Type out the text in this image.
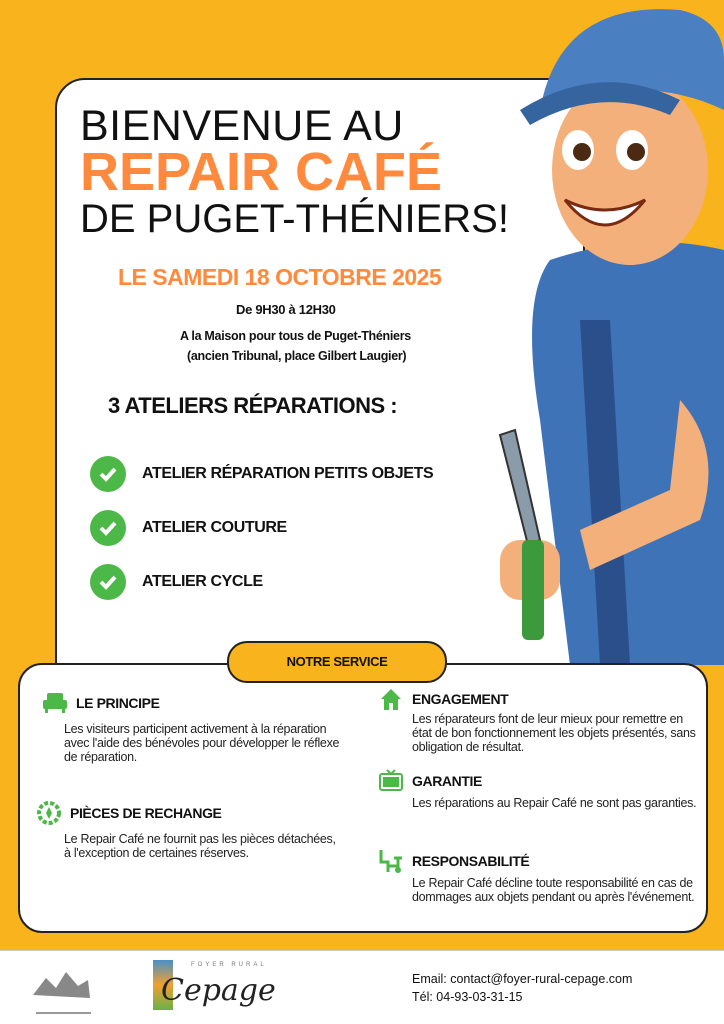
BIENVENUE AU
REPAIR CAFÉ
DE PUGET-THÉNIERS!
LE SAMEDI 18 OCTOBRE 2025
De 9H30 à 12H30
A la Maison pour tous de Puget-Théniers
(ancien Tribunal, place Gilbert Laugier)
3 ATELIERS RÉPARATIONS :
ATELIER RÉPARATION PETITS OBJETS
ATELIER COUTURE
ATELIER CYCLE
NOTRE SERVICE
LE PRINCIPE

Les visiteurs participent activement à la réparation avec l'aide des bénévoles pour développer le réflexe de réparation.

PIÈCES DE RECHANGE

Le Repair Café ne fournit pas les pièces détachées, à l'exception de certaines réserves.

ENGAGEMENT

Les réparateurs font de leur mieux pour remettre en état de bon fonctionnement les objets présentés, sans obligation de résultat.

GARANTIE

Les réparations au Repair Café ne sont pas garanties.

RESPONSABILITÉ

Le Repair Café décline toute responsabilité en cas de dommages aux objets pendant ou après l'événement.

FOYER RURAL
Cepage	Email: contact@foyer-rural-cepage.com
Tél: 04-93-03-31-15
